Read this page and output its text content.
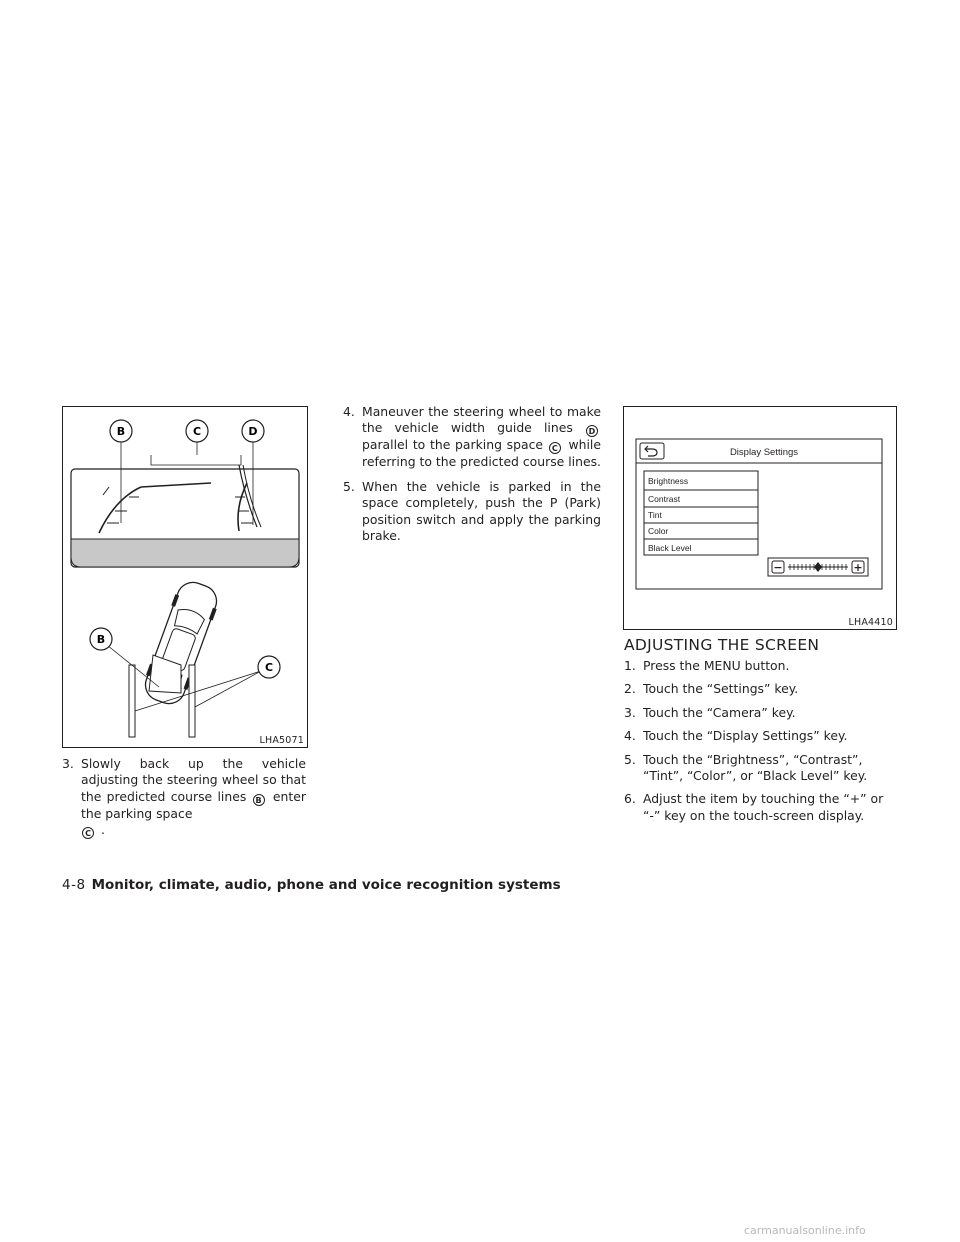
B	C	D
B
C
LHA5071
3. Slowly back up the vehicle adjusting the steering wheel so that the predicted course lines B enter the parking space
C .
4. Maneuver the steering wheel to make the vehicle width guide lines D parallel to the parking space C while referring to the predicted course lines.
5. When the vehicle is parked in the space completely, push the P (Park) position switch and apply the parking brake.
Display Settings
Brightness
Contrast
Tint
Color
Black Level
−	+
LHA4410
ADJUSTING THE SCREEN
1. Press the MENU button.
2. Touch the “Settings” key.
3. Touch the “Camera” key.
4. Touch the “Display Settings” key.
5. Touch the “Brightness”, “Contrast”, “Tint”, “Color”, or “Black Level” key.
6. Adjust the item by touching the “+” or “-” key on the touch-screen display.
4-8 Monitor, climate, audio, phone and voice recognition systems
carmanualsonline.info
